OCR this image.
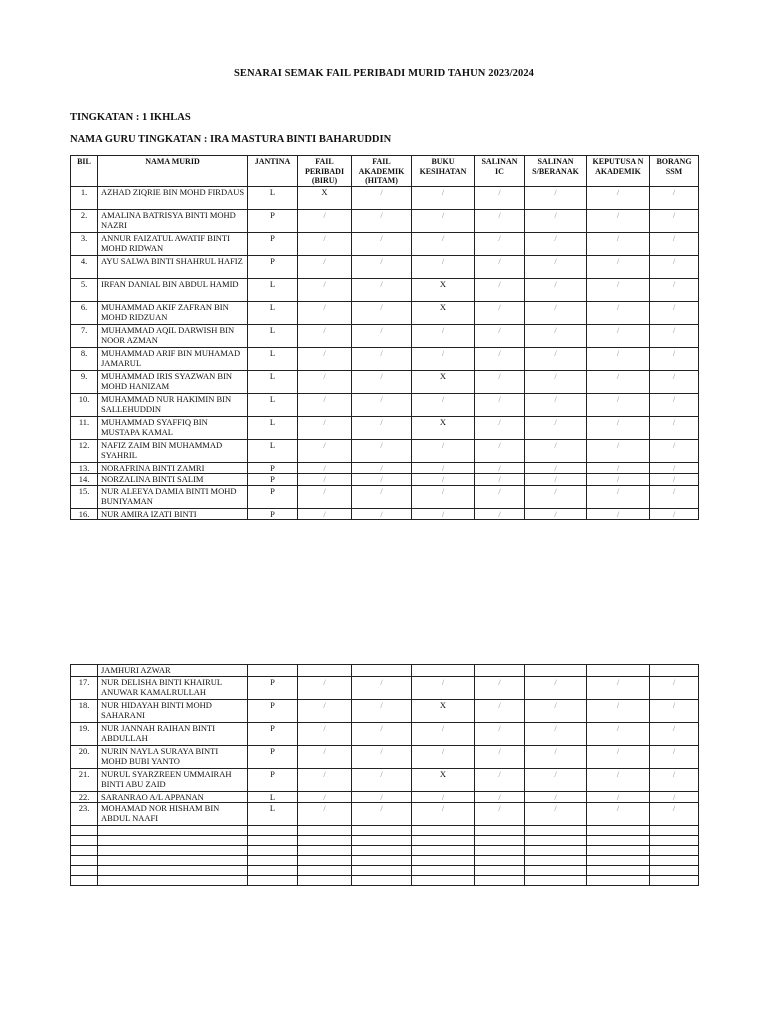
SENARAI SEMAK FAIL PERIBADI MURID TAHUN 2023/2024
TINGKATAN : 1 IKHLAS
NAMA GURU TINGKATAN : IRA MASTURA BINTI BAHARUDDIN
BIL	NAMA MURID	JANTINA	FAIL PERIBADI (BIRU)	FAIL AKADEMIK (HITAM)	BUKU KESIHATAN	SALINAN IC	SALINAN S/BERANAK	KEPUTUSA N AKADEMIK	BORANG SSM
1.	AZHAD ZIQRIE BIN MOHD FIRDAUS	L	X	/	/	/	/	/	/
2.	AMALINA BATRISYA BINTI MOHD NAZRI	P	/	/	/	/	/	/	/
3.	ANNUR FAIZATUL AWATIF BINTI MOHD RIDWAN	P	/	/	/	/	/	/	/
4.	AYU SALWA BINTI SHAHRUL HAFIZ	P	/	/	/	/	/	/	/
5.	IRFAN DANIAL BIN ABDUL HAMID	L	/	/	X	/	/	/	/
6.	MUHAMMAD AKIF ZAFRAN BIN MOHD RIDZUAN	L	/	/	X	/	/	/	/
7.	MUHAMMAD AQIL DARWISH BIN NOOR AZMAN	L	/	/	/	/	/	/	/
8.	MUHAMMAD ARIF BIN MUHAMAD JAMARUL	L	/	/	/	/	/	/	/
9.	MUHAMMAD IRIS SYAZWAN BIN MOHD HANIZAM	L	/	/	X	/	/	/	/
10.	MUHAMMAD NUR HAKIMIN BIN SALLEHUDDIN	L	/	/	/	/	/	/	/
11.	MUHAMMAD SYAFFIQ BIN MUSTAPA KAMAL	L	/	/	X	/	/	/	/
12.	NAFIZ ZAIM BIN MUHAMMAD SYAHRIL	L	/	/	/	/	/	/	/
13.	NORAFRINA BINTI ZAMRI	P	/	/	/	/	/	/	/
14.	NORZALINA BINTI SALIM	P	/	/	/	/	/	/	/
15.	NUR ALEEYA DAMIA BINTI MOHD BUNIYAMAN	P	/	/	/	/	/	/	/
16.	NUR AMIRA IZATI BINTI	P	/	/	/	/	/	/	/
	JAMHURI AZWAR								
17.	NUR DELISHA BINTI KHAIRUL ANUWAR KAMALRULLAH	P	/	/	/	/	/	/	/
18.	NUR HIDAYAH BINTI MOHD SAHARANI	P	/	/	X	/	/	/	/
19.	NUR JANNAH RAIHAN BINTI ABDULLAH	P	/	/	/	/	/	/	/
20.	NURIN NAYLA SURAYA BINTI MOHD BUBI YANTO	P	/	/	/	/	/	/	/
21.	NURUL SYARZREEN UMMAIRAH BINTI ABU ZAID	P	/	/	X	/	/	/	/
22.	SARANRAO A/L APPANAN	L	/	/	/	/	/	/	/
23.	MOHAMAD NOR HISHAM BIN ABDUL NAAFI	L	/	/	/	/	/	/	/
